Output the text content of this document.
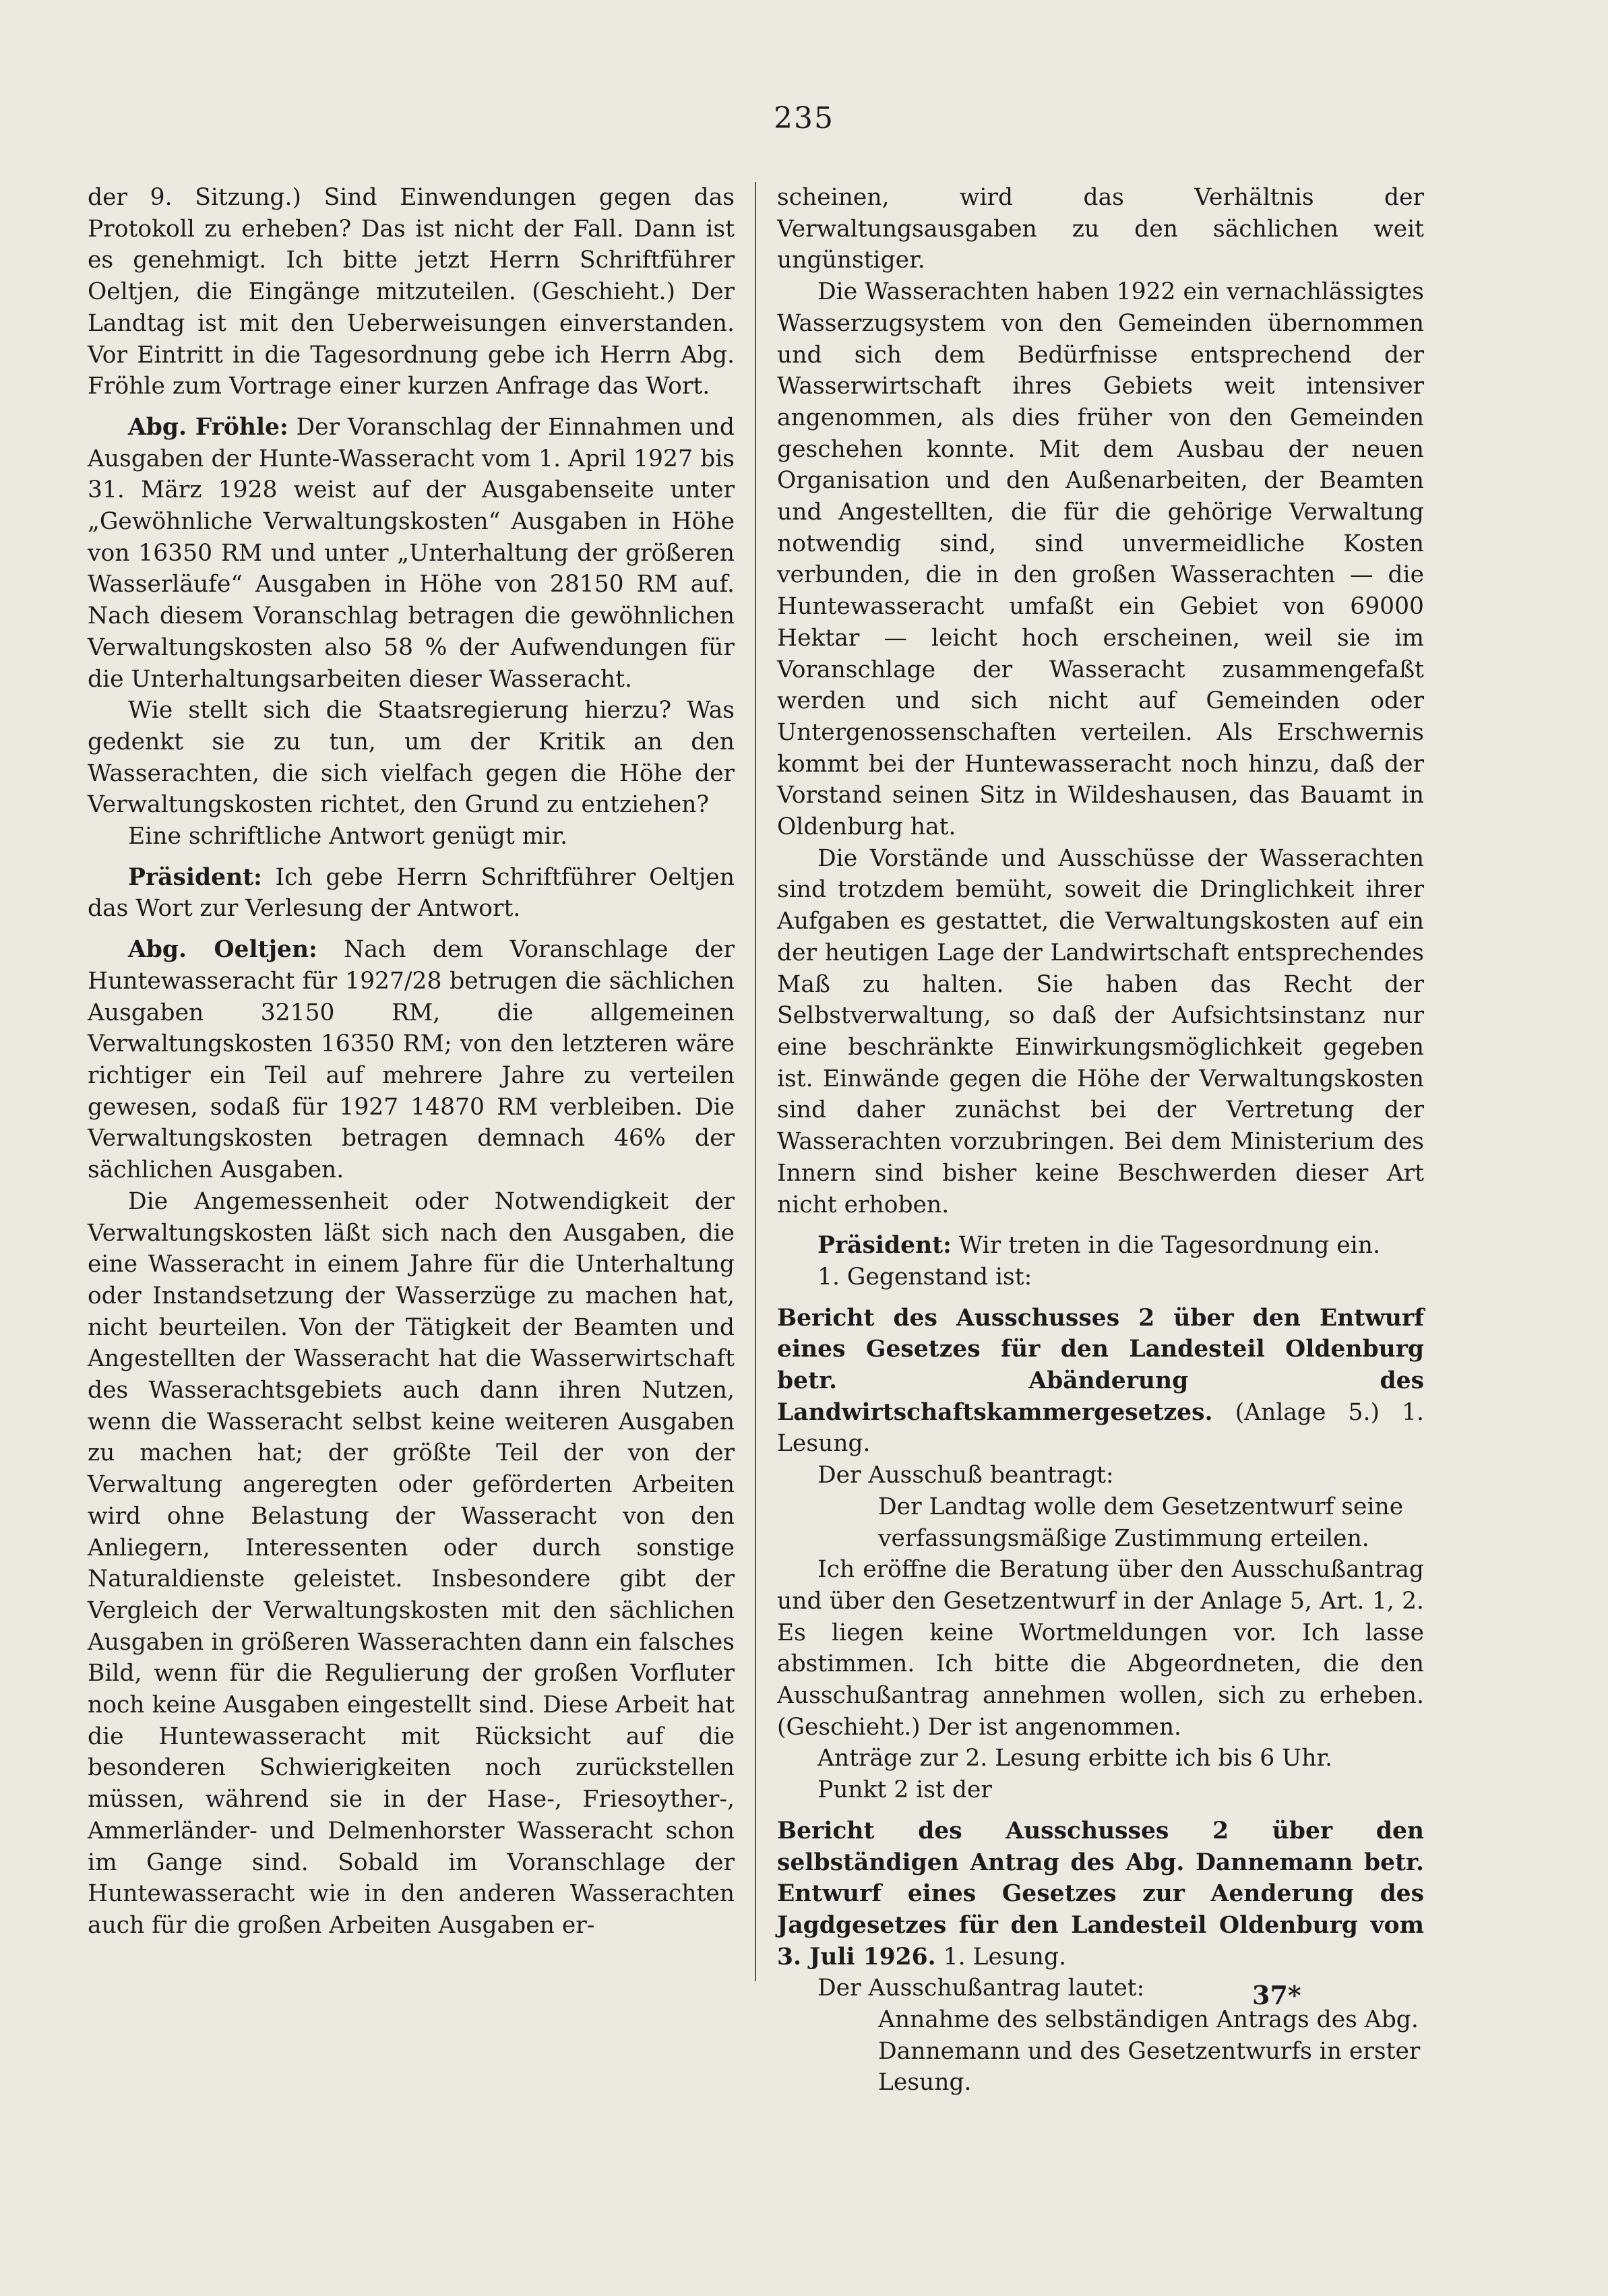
235

der 9. Sitzung.) Sind Einwendungen gegen das Protokoll zu erheben? Das ist nicht der Fall. Dann ist es genehmigt. Ich bitte jetzt Herrn Schriftführer Oeltjen, die Eingänge mitzuteilen. (Geschieht.) Der Landtag ist mit den Ueberweisungen einverstanden. Vor Eintritt in die Tagesordnung gebe ich Herrn Abg. Fröhle zum Vortrage einer kurzen Anfrage das Wort.

Abg. Fröhle: Der Voranschlag der Einnahmen und Ausgaben der Hunte-Wasseracht vom 1. April 1927 bis 31. März 1928 weist auf der Ausgabenseite unter „Gewöhnliche Verwaltungskosten“ Ausgaben in Höhe von 16350 RM und unter „Unterhaltung der größeren Wasserläufe“ Ausgaben in Höhe von 28150 RM auf. Nach diesem Voranschlag betragen die gewöhnlichen Verwaltungskosten also 58 % der Aufwendungen für die Unterhaltungsarbeiten dieser Wasseracht.

Wie stellt sich die Staatsregierung hierzu? Was gedenkt sie zu tun, um der Kritik an den Wasserachten, die sich vielfach gegen die Höhe der Verwaltungskosten richtet, den Grund zu entziehen?

Eine schriftliche Antwort genügt mir.

Präsident: Ich gebe Herrn Schriftführer Oeltjen das Wort zur Verlesung der Antwort.

Abg. Oeltjen: Nach dem Voranschlage der Huntewasseracht für 1927/28 betrugen die sächlichen Ausgaben 32150 RM, die allgemeinen Verwaltungskosten 16350 RM; von den letzteren wäre richtiger ein Teil auf mehrere Jahre zu verteilen gewesen, sodaß für 1927 14870 RM verbleiben. Die Verwaltungskosten betragen demnach 46% der sächlichen Ausgaben.

Die Angemessenheit oder Notwendigkeit der Verwaltungskosten läßt sich nach den Ausgaben, die eine Wasseracht in einem Jahre für die Unterhaltung oder Instandsetzung der Wasserzüge zu machen hat, nicht beurteilen. Von der Tätigkeit der Beamten und Angestellten der Wasseracht hat die Wasserwirtschaft des Wasserachtsgebiets auch dann ihren Nutzen, wenn die Wasseracht selbst keine weiteren Ausgaben zu machen hat; der größte Teil der von der Verwaltung angeregten oder geförderten Arbeiten wird ohne Belastung der Wasseracht von den Anliegern, Interessenten oder durch sonstige Naturaldienste geleistet. Insbesondere gibt der Vergleich der Verwaltungskosten mit den sächlichen Ausgaben in größeren Wasserachten dann ein falsches Bild, wenn für die Regulierung der großen Vorfluter noch keine Ausgaben eingestellt sind. Diese Arbeit hat die Huntewasseracht mit Rücksicht auf die besonderen Schwierigkeiten noch zurückstellen müssen, während sie in der Hase-, Friesoyther-, Ammerländer- und Delmenhorster Wasseracht schon im Gange sind. Sobald im Voranschlage der Huntewasseracht wie in den anderen Wasserachten auch für die großen Arbeiten Ausgaben er-

scheinen, wird das Verhältnis der Verwaltungsausgaben zu den sächlichen weit ungünstiger.

Die Wasserachten haben 1922 ein vernachlässigtes Wasserzugsystem von den Gemeinden übernommen und sich dem Bedürfnisse entsprechend der Wasserwirtschaft ihres Gebiets weit intensiver angenommen, als dies früher von den Gemeinden geschehen konnte. Mit dem Ausbau der neuen Organisation und den Außenarbeiten, der Beamten und Angestellten, die für die gehörige Verwaltung notwendig sind, sind unvermeidliche Kosten verbunden, die in den großen Wasserachten — die Huntewasseracht umfaßt ein Gebiet von 69000 Hektar — leicht hoch erscheinen, weil sie im Voranschlage der Wasseracht zusammengefaßt werden und sich nicht auf Gemeinden oder Untergenossenschaften verteilen. Als Erschwernis kommt bei der Huntewasseracht noch hinzu, daß der Vorstand seinen Sitz in Wildeshausen, das Bauamt in Oldenburg hat.

Die Vorstände und Ausschüsse der Wasserachten sind trotzdem bemüht, soweit die Dringlichkeit ihrer Aufgaben es gestattet, die Verwaltungskosten auf ein der heutigen Lage der Landwirtschaft entsprechendes Maß zu halten. Sie haben das Recht der Selbstverwaltung, so daß der Aufsichtsinstanz nur eine beschränkte Einwirkungsmöglichkeit gegeben ist. Einwände gegen die Höhe der Verwaltungskosten sind daher zunächst bei der Vertretung der Wasserachten vorzubringen. Bei dem Ministerium des Innern sind bisher keine Beschwerden dieser Art nicht erhoben.

Präsident: Wir treten in die Tagesordnung ein.

1. Gegenstand ist:

Bericht des Ausschusses 2 über den Entwurf eines Gesetzes für den Landesteil Oldenburg betr. Abänderung des Landwirtschaftskammergesetzes. (Anlage 5.) 1. Lesung.

Der Ausschuß beantragt:

Der Landtag wolle dem Gesetzentwurf seine verfassungsmäßige Zustimmung erteilen.

Ich eröffne die Beratung über den Ausschußantrag und über den Gesetzentwurf in der Anlage 5, Art. 1, 2. Es liegen keine Wortmeldungen vor. Ich lasse abstimmen. Ich bitte die Abgeordneten, die den Ausschußantrag annehmen wollen, sich zu erheben. (Geschieht.) Der ist angenommen.

Anträge zur 2. Lesung erbitte ich bis 6 Uhr.

Punkt 2 ist der

Bericht des Ausschusses 2 über den selbständigen Antrag des Abg. Dannemann betr. Entwurf eines Gesetzes zur Aenderung des Jagdgesetzes für den Landesteil Oldenburg vom 3. Juli 1926. 1. Lesung.

Der Ausschußantrag lautet:

Annahme des selbständigen Antrags des Abg. Dannemann und des Gesetzentwurfs in erster Lesung.

37*
